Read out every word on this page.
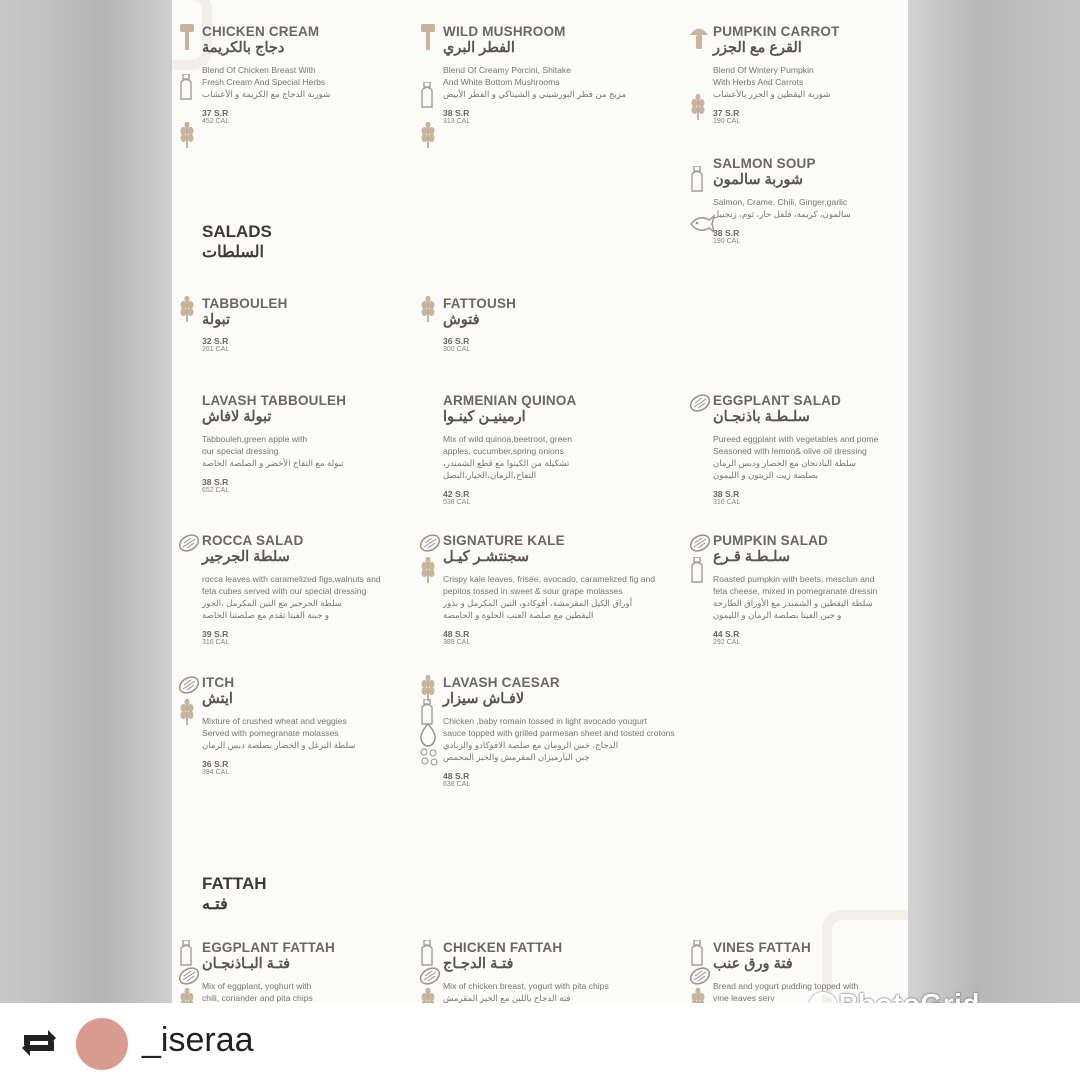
CHICKEN CREAM
دجاج بالكريمة
Blend Of Chicken Breast With
Fresh Cream And Special Herbs
شوربة الدجاج مع الكريمة و الأعشاب
37 S.R
452 CAL
WILD MUSHROOM
الفطر البري
Blend Of Creamy Porcini, Shitake
And White Bottom Mushrooms
مزيج من فطر البورشيني و الشيتاكي و الفطر الأبيض
38 S.R
313 CAL
PUMPKIN CARROT
القرع مع الجزر
Blend Of Wintery Pumpkin
With Herbs And Carrots
شوربة اليقطين و الجزر بالأعشاب
37 S.R
190 CAL
SALMON SOUP
شوربة سالمون
Salmon, Crame, Chili, Ginger,garlic
سالمون، كريمة، فلفل حار، ثوم، زنجبيل
38 S.R
190 CAL
SALADS
السلطات
TABBOULEH
تبولة
32 S.R
261 CAL
FATTOUSH
فتوش
36 S.R
300 CAL
LAVASH TABBOULEH
تبولة لافاش
Tabbouleh,green apple with
our special dressing
تبولة مع التفاح الأخضر و الصلصة الخاصة
38 S.R
652 CAL
ARMENIAN QUINOA
ارمينيـن كينـوا
Mix of wild quinoa,beetroot, green
apples, cucumber,spring onions
تشكيلة من الكينوا مع قطع الشمندر،
التفاح،الرمان،الخيار،البصل
42 S.R
538 CAL
EGGPLANT SALAD
سلـطـة باذنجـان
Pureed eggplant with vegetables and pome
Seasoned with lemon& olive oil dressing
سلطة الباذنجان مع الخضار ودبس الرمان
بصلصة زيت الزيتون و الليمون
38 S.R
316 CAL
ROCCA SALAD
سلطة الجرجير
rocca leaves with caramelized figs,walnuts and
feta cubes served with our special dressing
سلطة الجرجير مع التين المكرمل ،الجوز
و جبنة الفيتا تقدم مع صلصتنا الخاصة
39 S.R
316 CAL
SIGNATURE KALE
سجنتشـر كيـل
Crispy kale leaves, frisée, avocado, caramelized fig and
pepitos tossed in sweet & sour grape molasses
أوراق الكيل المقرمشة، أفوكادو، التين المكرمل و بذور
اليقطين مع صلصة العنب الحلوة و الحامضة
48 S.R
389 CAL
PUMPKIN SALAD
سلـطـة قـرع
Roasted pumpkin with beets, mesclun and
feta cheese, mixed in pomegranate dressin
سلطة اليقطين و الشمندر مع الأوراق الطازجة
و جبن الفيتا بصلصة الرمان و الليمون
44 S.R
292 CAL
ITCH
ايتش
Mixture of crushed wheat and veggies
Served with pomegranate molasses
سلطة البرغل و الخضار بصلصة دبس الرمان
36 S.R
394 CAL
LAVASH CAESAR
لافـاش سيزار
Chicken ,baby romain tossed in light avocado yougurt
sauce topped with grilled parmesan sheet and tosted crotons
الدجاج، خس الرومان مع صلصة الافوكادو والزبادي
جبن البارميزان المقرمش والخبز المحمص
48 S.R
638 CAL
FATTAH
فتـه
EGGPLANT FATTAH
فتـة البـاذنجـان
Mix of eggplant, yoghurt with
chili, coriander and pita chips
CHICKEN FATTAH
فتـة الدجـاج
Mix of chicken breast, yogurt with pita chips
فتة الدجاج باللبن مع الخبز المقرمش
VINES FATTAH
فتة ورق عنب
Bread and yogurt pudding topped with
vine leaves serv
_iseraa
